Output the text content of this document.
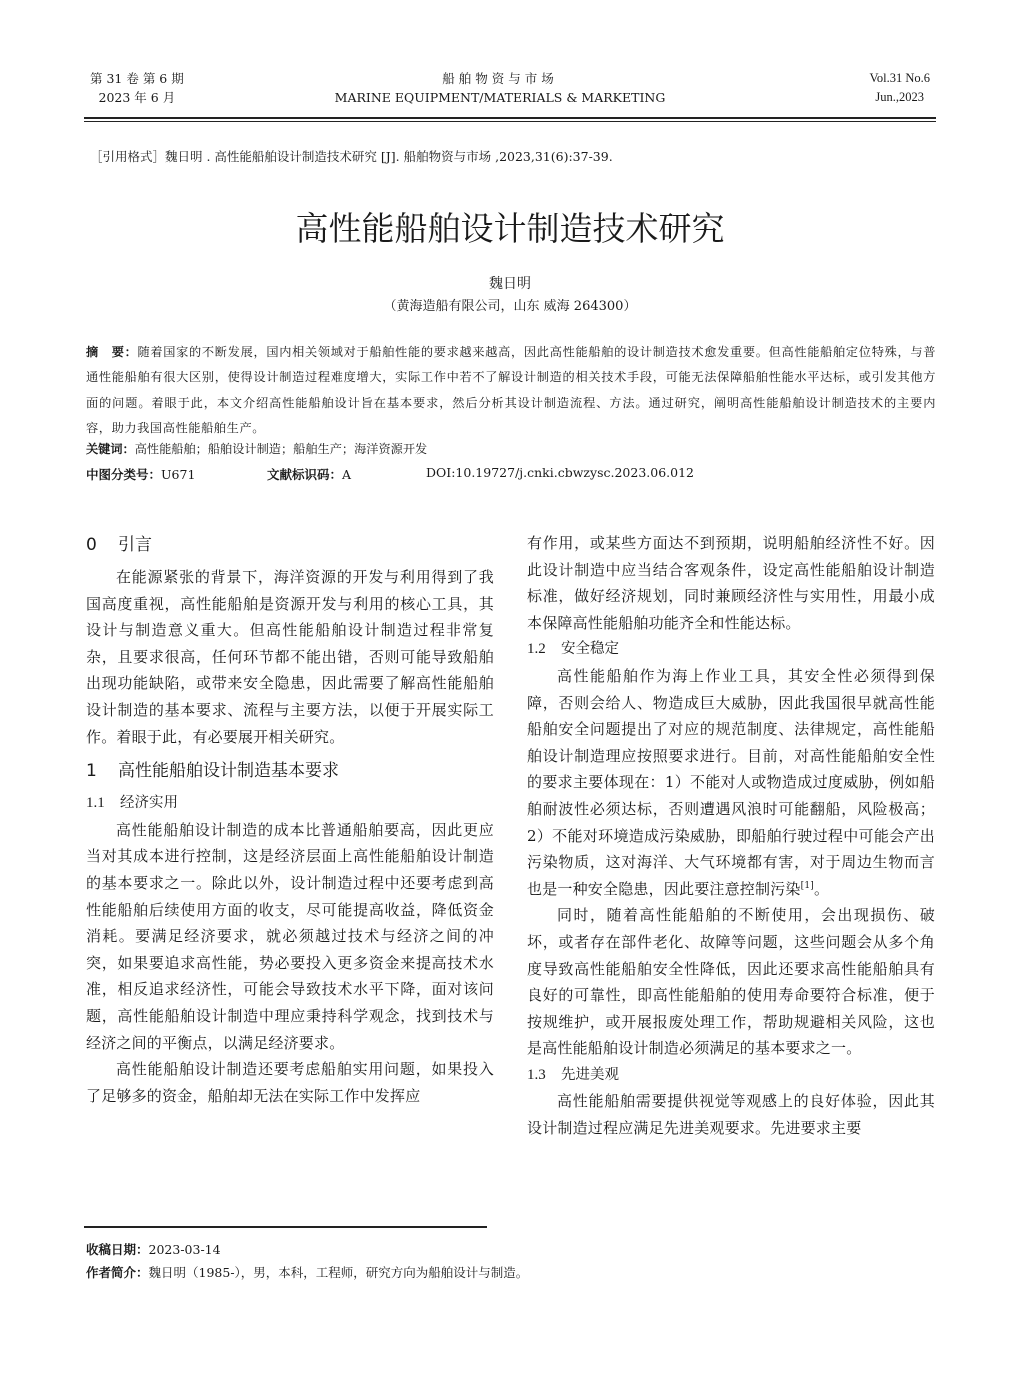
第 31 卷 第 6 期
2023 年 6 月
船舶物资与市场
MARINE EQUIPMENT/MATERIALS & MARKETING
Vol.31 No.6
Jun.,2023
［引用格式］魏日明 . 高性能船舶设计制造技术研究 [J]. 船舶物资与市场 ,2023,31(6):37-39.
高性能船舶设计制造技术研究
魏日明
（黄海造船有限公司，山东 威海 264300）
摘　要：随着国家的不断发展，国内相关领域对于船舶性能的要求越来越高，因此高性能船舶的设计制造技术愈发重要。但高性能船舶定位特殊，与普通性能船舶有很大区别，使得设计制造过程难度增大，实际工作中若不了解设计制造的相关技术手段，可能无法保障船舶性能水平达标，或引发其他方面的问题。着眼于此，本文介绍高性能船舶设计旨在基本要求，然后分析其设计制造流程、方法。通过研究，阐明高性能船舶设计制造技术的主要内容，助力我国高性能船舶生产。
关键词：高性能船舶；船舶设计制造；船舶生产；海洋资源开发
中图分类号：U671	文献标识码：A	DOI:10.19727/j.cnki.cbwzysc.2023.06.012
0	引言

在能源紧张的背景下，海洋资源的开发与利用得到了我国高度重视，高性能船舶是资源开发与利用的核心工具，其设计与制造意义重大。但高性能船舶设计制造过程非常复杂，且要求很高，任何环节都不能出错，否则可能导致船舶出现功能缺陷，或带来安全隐患，因此需要了解高性能船舶设计制造的基本要求、流程与主要方法，以便于开展实际工作。着眼于此，有必要展开相关研究。

1	高性能船舶设计制造基本要求
1.1	经济实用

高性能船舶设计制造的成本比普通船舶要高，因此更应当对其成本进行控制，这是经济层面上高性能船舶设计制造的基本要求之一。除此以外，设计制造过程中还要考虑到高性能船舶后续使用方面的收支，尽可能提高收益，降低资金消耗。要满足经济要求，就必须越过技术与经济之间的冲突，如果要追求高性能，势必要投入更多资金来提高技术水准，相反追求经济性，可能会导致技术水平下降，面对该问题，高性能船舶设计制造中理应秉持科学观念，找到技术与经济之间的平衡点，以满足经济要求。

高性能船舶设计制造还要考虑船舶实用问题，如果投入了足够多的资金，船舶却无法在实际工作中发挥应

有作用，或某些方面达不到预期，说明船舶经济性不好。因此设计制造中应当结合客观条件，设定高性能船舶设计制造标准，做好经济规划，同时兼顾经济性与实用性，用最小成本保障高性能船舶功能齐全和性能达标。

1.2	安全稳定

高性能船舶作为海上作业工具，其安全性必须得到保障，否则会给人、物造成巨大威胁，因此我国很早就高性能船舶安全问题提出了对应的规范制度、法律规定，高性能船舶设计制造理应按照要求进行。目前，对高性能船舶安全性的要求主要体现在：1）不能对人或物造成过度威胁，例如船舶耐波性必须达标，否则遭遇风浪时可能翻船，风险极高；2）不能对环境造成污染威胁，即船舶行驶过程中可能会产出污染物质，这对海洋、大气环境都有害，对于周边生物而言也是一种安全隐患，因此要注意控制污染[1]。

同时，随着高性能船舶的不断使用，会出现损伤、破坏，或者存在部件老化、故障等问题，这些问题会从多个角度导致高性能船舶安全性降低，因此还要求高性能船舶具有良好的可靠性，即高性能船舶的使用寿命要符合标准，便于按规维护，或开展报废处理工作，帮助规避相关风险，这也是高性能船舶设计制造必须满足的基本要求之一。

1.3	先进美观

高性能船舶需要提供视觉等观感上的良好体验，因此其设计制造过程应满足先进美观要求。先进要求主要

收稿日期：2023-03-14
作者简介：魏日明（1985-），男，本科，工程师，研究方向为船舶设计与制造。
